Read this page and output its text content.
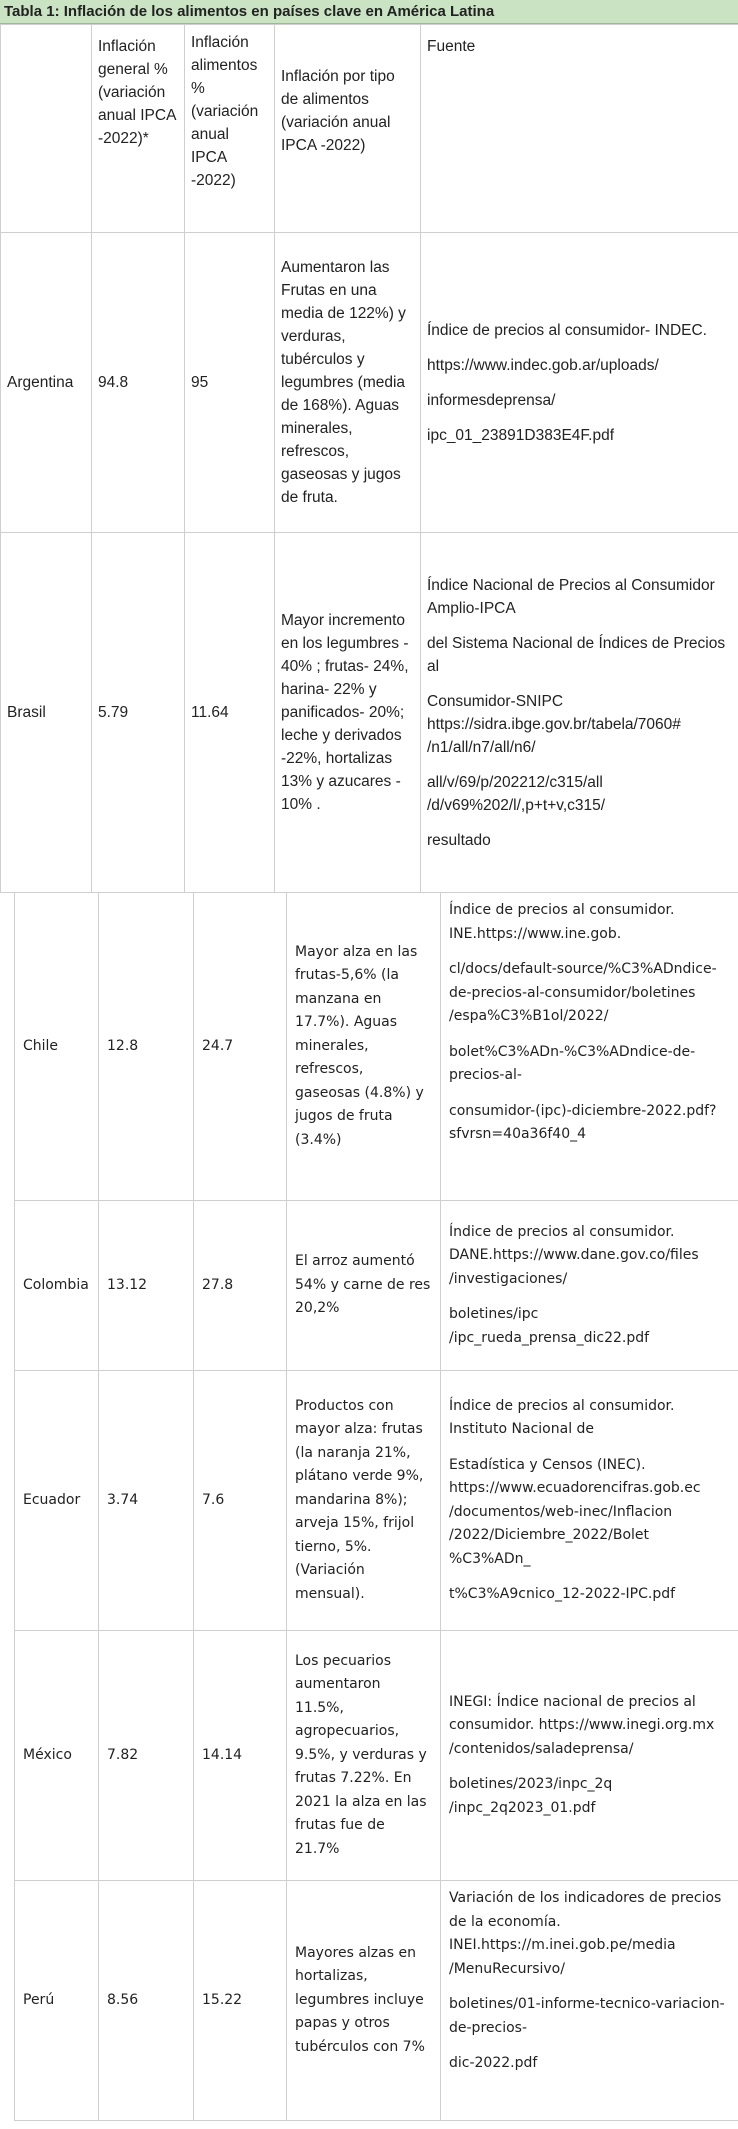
Tabla 1: Inflación de los alimentos en países clave en América Latina
	Inflación general % (variación anual IPCA -2022)*	Inflación alimentos % (variación anual IPCA -2022)	Inflación por tipo de alimentos (variación anual IPCA -2022)	Fuente
Argentina	94.8	95	Aumentaron las Frutas en una media de 122%) y verduras, tubérculos y legumbres (media de 168%). Aguas minerales, refrescos, gaseosas y jugos de fruta.	Índice de precios al consumidor- INDEC.

https://www.indec.gob.ar/uploads/

informesdeprensa/

ipc_01_23891D383E4F.pdf

Brasil	5.79	11.64	Mayor incremento en los legumbres - 40% ; frutas- 24%, harina- 22% y panificados- 20%; leche y derivados -22%, hortalizas 13% y azucares - 10% .	Índice Nacional de Precios al Consumidor Amplio-IPCA

del Sistema Nacional de Índices de Precios al

Consumidor-SNIPC https://sidra.ibge.gov.br/tabela/7060# /n1/all/n7/all/n6/

all/v/69/p/202212/c315/all /d/v69%202/l/,p+t+v,c315/

resultado

Chile	12.8	24.7	Mayor alza en las frutas-5,6% (la manzana en 17.7%). Aguas minerales, refrescos, gaseosas (4.8%) y jugos de fruta (3.4%)	Índice de precios al consumidor. INE.https://www.ine.gob.

cl/docs/default-source/%C3%ADndice-de-precios-al-consumidor/boletines /espa%C3%B1ol/2022/

bolet%C3%ADn-%C3%ADndice-de-precios-al-

consumidor-(ipc)-diciembre-2022.pdf?sfvrsn=40a36f40_4

Colombia	13.12	27.8	El arroz aumentó 54% y carne de res 20,2%	Índice de precios al consumidor. DANE.https://www.dane.gov.co/files /investigaciones/

boletines/ipc /ipc_rueda_prensa_dic22.pdf

Ecuador	3.74	7.6	Productos con mayor alza: frutas (la naranja 21%, plátano verde 9%, mandarina 8%); arveja 15%, frijol tierno, 5%. (Variación mensual).	Índice de precios al consumidor. Instituto Nacional de

Estadística y Censos (INEC). https://www.ecuadorencifras.gob.ec /documentos/web-inec/Inflacion /2022/Diciembre_2022/Bolet %C3%ADn_

t%C3%A9cnico_12-2022-IPC.pdf

México	7.82	14.14	Los pecuarios aumentaron 11.5%, agropecuarios, 9.5%, y verduras y frutas 7.22%. En 2021 la alza en las frutas fue de 21.7%	INEGI: Índice nacional de precios al consumidor. https://www.inegi.org.mx /contenidos/saladeprensa/

boletines/2023/inpc_2q /inpc_2q2023_01.pdf

Perú	8.56	15.22	Mayores alzas en hortalizas, legumbres incluye papas y otros tubérculos con 7%	Variación de los indicadores de precios de la economía. INEI.https://m.inei.gob.pe/media /MenuRecursivo/

boletines/01-informe-tecnico-variacion-de-precios-

dic-2022.pdf
